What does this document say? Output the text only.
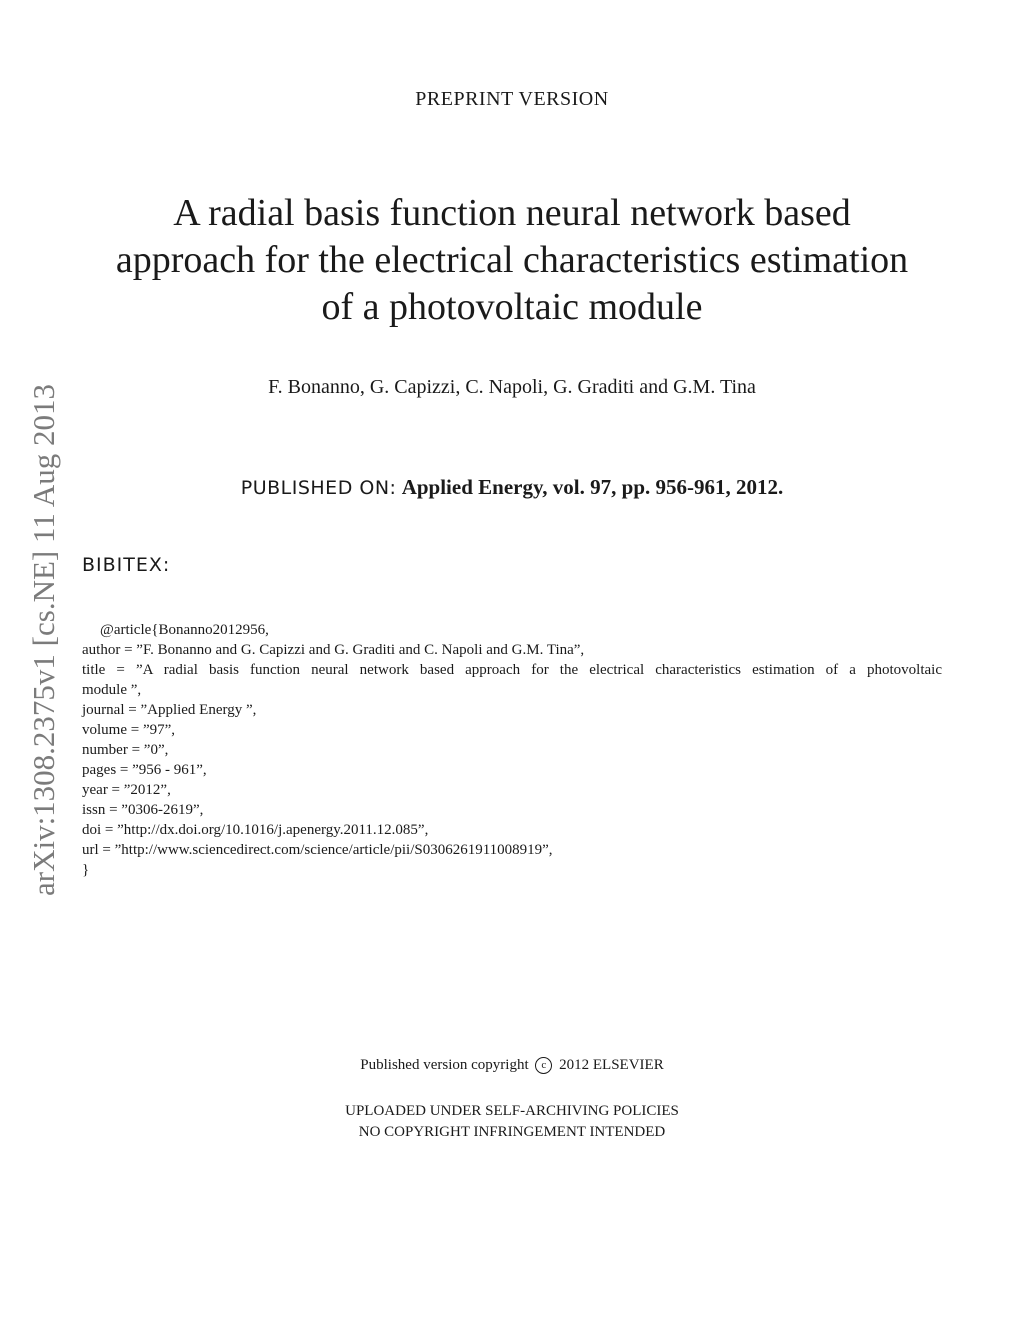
PREPRINT VERSION
A radial basis function neural network based
approach for the electrical characteristics estimation
of a photovoltaic module
F. Bonanno, G. Capizzi, C. Napoli, G. Graditi and G.M. Tina
PUBLISHED ON: Applied Energy, vol. 97, pp. 956-961, 2012.
BIBITEX:
@article{Bonanno2012956,
author = ”F. Bonanno and G. Capizzi and G. Graditi and C. Napoli and G.M. Tina”,
title = ”A radial basis function neural network based approach for the electrical characteristics estimation of a photovoltaic
module ”,
journal = ”Applied Energy ”,
volume = ”97”,
number = ”0”,
pages = ”956 - 961”,
year = ”2012”,
issn = ”0306-2619”,
doi = ”http://dx.doi.org/10.1016/j.apenergy.2011.12.085”,
url = ”http://www.sciencedirect.com/science/article/pii/S0306261911008919”,
}
arXiv:1308.2375v1 [cs.NE] 11 Aug 2013
Published version copyright c 2012 ELSEVIER
UPLOADED UNDER SELF-ARCHIVING POLICIES
NO COPYRIGHT INFRINGEMENT INTENDED
